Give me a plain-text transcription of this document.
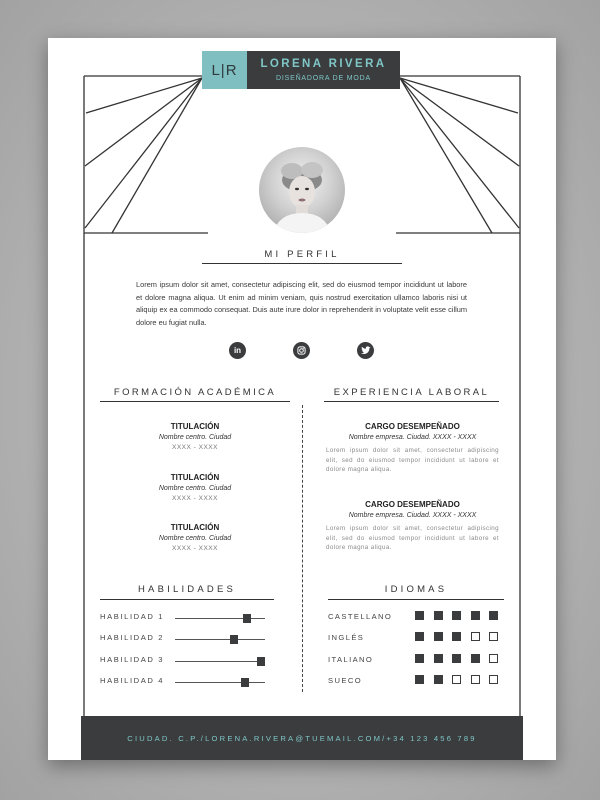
L|R	LORENA RIVERA
DISEÑADORA DE MODA
MI PERFIL
Lorem ipsum dolor sit amet, consectetur adipiscing elit, sed do eiusmod tempor incididunt ut labore et dolore magna aliqua. Ut enim ad minim veniam, quis nostrud exercitation ullamco laboris nisi ut aliquip ex ea commodo consequat. Duis aute irure dolor in reprehenderit in voluptate velit esse cillum dolore eu fugiat nulla.
in
FORMACIÓN ACADÉMICA	EXPERIENCIA LABORAL
TITULACIÓN
Nombre centro. Ciudad
XXXX - XXXX
TITULACIÓN
Nombre centro. Ciudad
XXXX - XXXX
TITULACIÓN
Nombre centro. Ciudad
XXXX - XXXX
CARGO DESEMPEÑADO
Nombre empresa. Ciudad. XXXX - XXXX
Lorem ipsum dolor sit amet, consectetur adipiscing elit, sed do eiusmod tempor incididunt ut labore et dolore magna aliqua.
CARGO DESEMPEÑADO
Nombre empresa. Ciudad. XXXX - XXXX
Lorem ipsum dolor sit amet, consectetur adipiscing elit, sed do eiusmod tempor incididunt ut labore et dolore magna aliqua.
HABILIDADES	IDIOMAS
HABILIDAD 1
HABILIDAD 2
HABILIDAD 3
HABILIDAD 4
CASTELLANO
INGLÉS
ITALIANO
SUECO
CIUDAD. C.P./LORENA.RIVERA@TUEMAIL.COM/+34 123 456 789
